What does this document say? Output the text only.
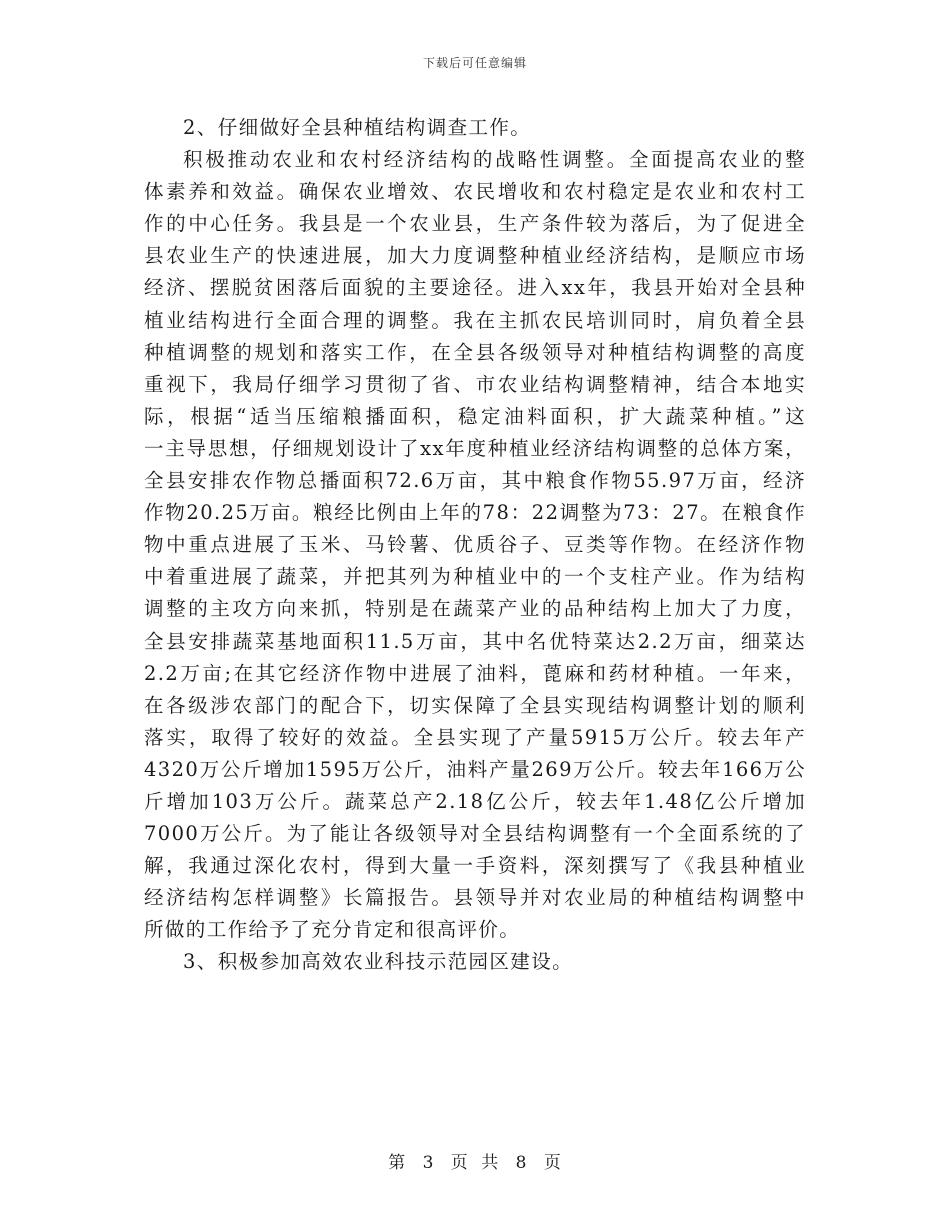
下载后可任意编辑
2、仔细做好全县种植结构调查工作。
积极推动农业和农村经济结构的战略性调整。全面提高农业的整
体素养和效益。确保农业增效、农民增收和农村稳定是农业和农村工
作的中心任务。我县是一个农业县，生产条件较为落后，为了促进全
县农业生产的快速进展，加大力度调整种植业经济结构，是顺应市场
经济、摆脱贫困落后面貌的主要途径。进入xx年，我县开始对全县种
植业结构进行全面合理的调整。我在主抓农民培训同时，肩负着全县
种植调整的规划和落实工作，在全县各级领导对种植结构调整的高度
重视下，我局仔细学习贯彻了省、市农业结构调整精神，结合本地实
际，根据“适当压缩粮播面积，稳定油料面积，扩大蔬菜种植。”这
一主导思想，仔细规划设计了xx年度种植业经济结构调整的总体方案，
全县安排农作物总播面积72.6万亩，其中粮食作物55.97万亩，经济
作物20.25万亩。粮经比例由上年的78：22调整为73：27。在粮食作
物中重点进展了玉米、马铃薯、优质谷子、豆类等作物。在经济作物
中着重进展了蔬菜，并把其列为种植业中的一个支柱产业。作为结构
调整的主攻方向来抓，特别是在蔬菜产业的品种结构上加大了力度，
全县安排蔬菜基地面积11.5万亩，其中名优特菜达2.2万亩，细菜达
2.2万亩;在其它经济作物中进展了油料，蓖麻和药材种植。一年来，
在各级涉农部门的配合下，切实保障了全县实现结构调整计划的顺利
落实，取得了较好的效益。全县实现了产量5915万公斤。较去年产
4320万公斤增加1595万公斤，油料产量269万公斤。较去年166万公
斤增加103万公斤。蔬菜总产2.18亿公斤，较去年1.48亿公斤增加
7000万公斤。为了能让各级领导对全县结构调整有一个全面系统的了
解，我通过深化农村，得到大量一手资料，深刻撰写了《我县种植业
经济结构怎样调整》长篇报告。县领导并对农业局的种植结构调整中
所做的工作给予了充分肯定和很高评价。
3、积极参加高效农业科技示范园区建设。
第 3 页 共 8 页
